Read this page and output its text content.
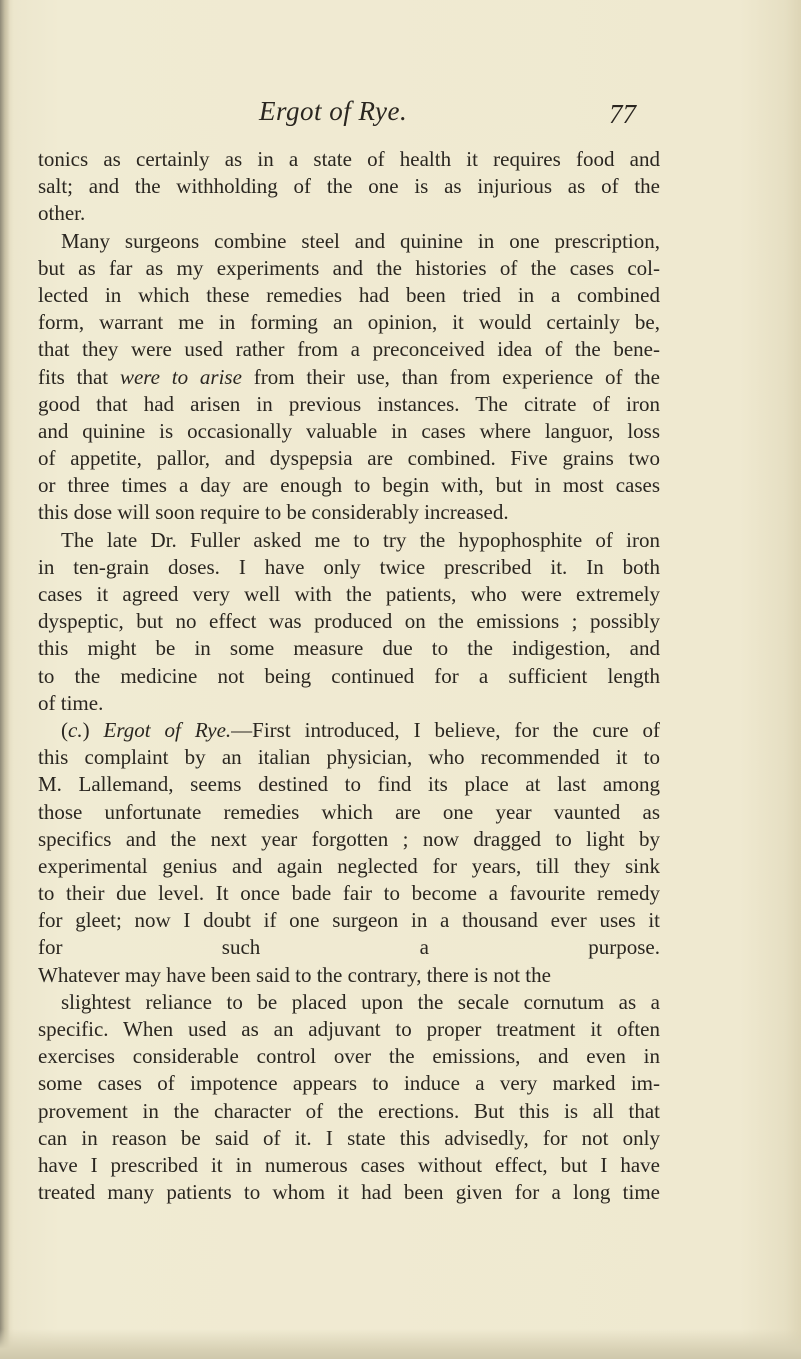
Ergot of Rye.	77
tonics as certainly as in a state of health it requires food and
salt; and the withholding of the one is as injurious as of the
other.
Many surgeons combine steel and quinine in one prescription,
but as far as my experiments and the histories of the cases col-
lected in which these remedies had been tried in a combined
form, warrant me in forming an opinion, it would certainly be,
that they were used rather from a preconceived idea of the bene-
fits that were to arise from their use, than from experience of the
good that had arisen in previous instances. The citrate of iron
and quinine is occasionally valuable in cases where languor, loss
of appetite, pallor, and dyspepsia are combined. Five grains two
or three times a day are enough to begin with, but in most cases
this dose will soon require to be considerably increased.
The late Dr. Fuller asked me to try the hypophosphite of iron
in ten-grain doses. I have only twice prescribed it. In both
cases it agreed very well with the patients, who were extremely
dyspeptic, but no effect was produced on the emissions ; possibly
this might be in some measure due to the indigestion, and
to the medicine not being continued for a sufficient length
of time.
(c.) Ergot of Rye.—First introduced, I believe, for the cure of
this complaint by an italian physician, who recommended it to
M. Lallemand, seems destined to find its place at last among
those unfortunate remedies which are one year vaunted as
specifics and the next year forgotten ; now dragged to light by
experimental genius and again neglected for years, till they sink
to their due level. It once bade fair to become a favourite remedy
for gleet; now I doubt if one surgeon in a thousand ever uses it
for such a purpose.
Whatever may have been said to the contrary, there is not the
slightest reliance to be placed upon the secale cornutum as a
specific. When used as an adjuvant to proper treatment it often
exercises considerable control over the emissions, and even in
some cases of impotence appears to induce a very marked im-
provement in the character of the erections. But this is all that
can in reason be said of it. I state this advisedly, for not only
have I prescribed it in numerous cases without effect, but I have
treated many patients to whom it had been given for a long time
